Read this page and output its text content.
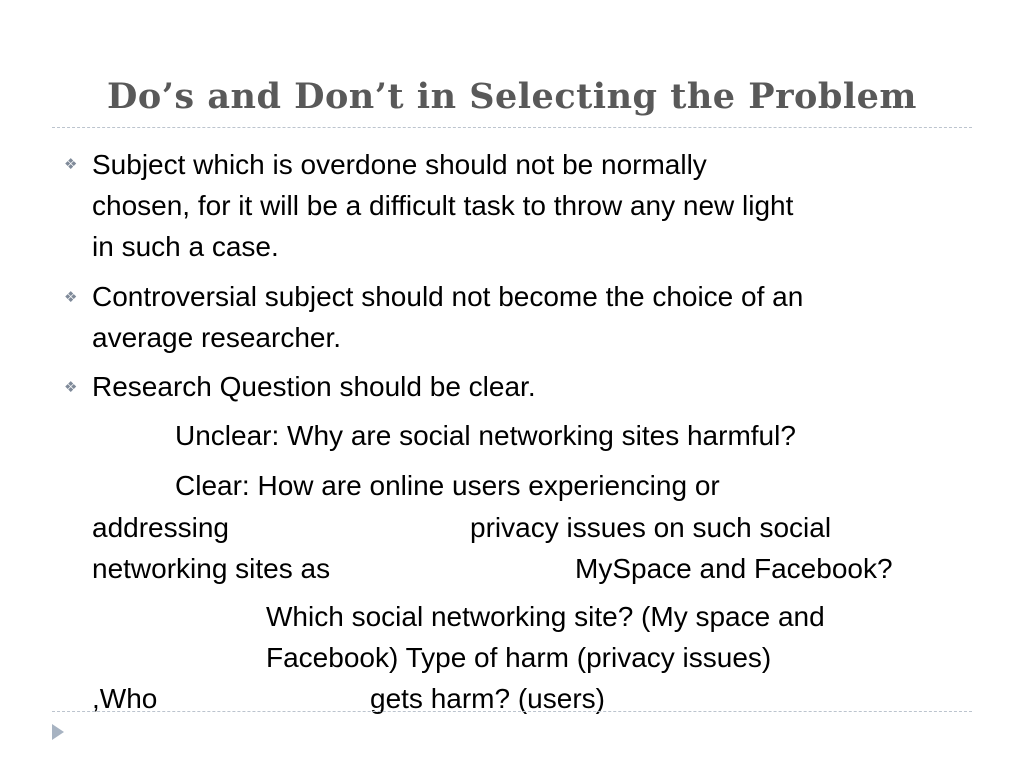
Do’s and Don’t in Selecting the Problem
❖ Subject which is overdone should not be normally
chosen, for it will be a difficult task to throw any new light
in such a case.
❖ Controversial subject should not become the choice of an
average researcher.
❖ Research Question should be clear.
Unclear: Why are social networking sites harmful?
Clear: How are online users experiencing or
addressing	privacy issues on such social
networking sites as	MySpace and Facebook?
Which social networking site? (My space and
Facebook) Type of harm (privacy issues)
,Who	gets harm? (users)
